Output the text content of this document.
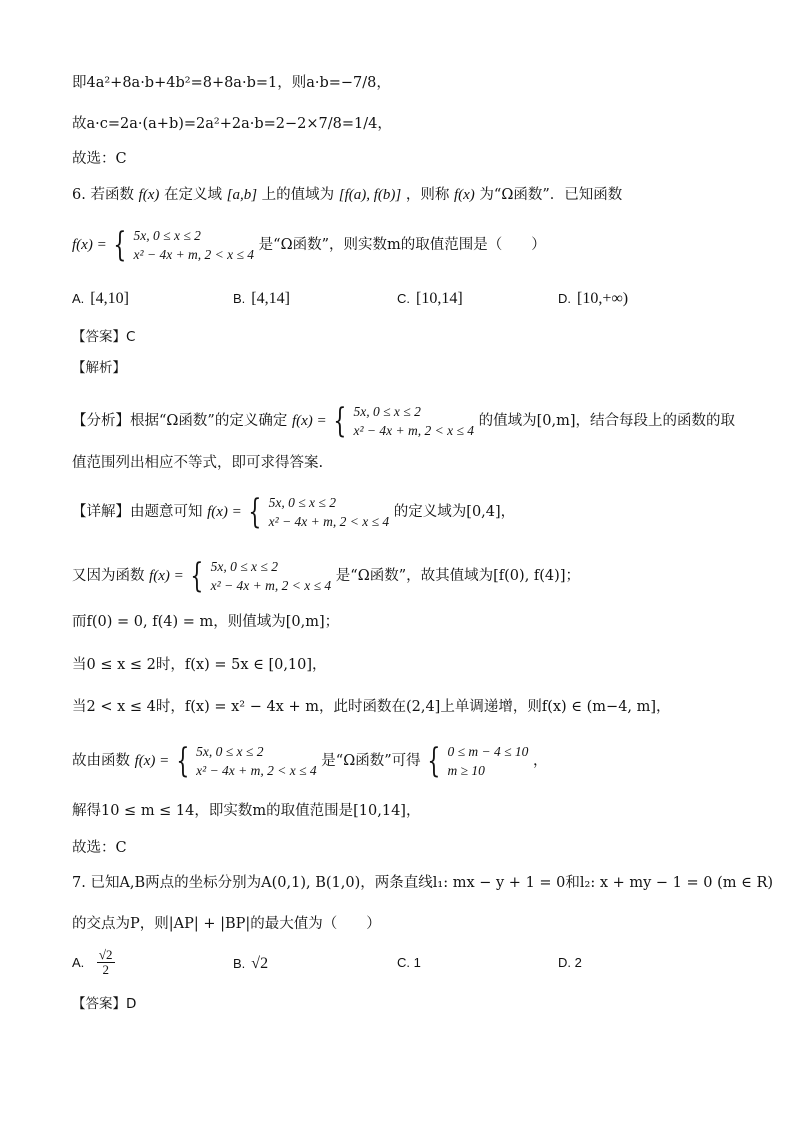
即4a²+8a·b+4b²=8+8a·b=1，则a·b=−7/8，
故a·c=2a·(a+b)=2a²+2a·b=2−2×7/8=1/4，
故选：C
6. 若函数 f(x) 在定义域 [a,b] 上的值域为 [f(a), f(b)] ，则称 f(x) 为“Ω函数”．已知函数
f(x) = { 5x, 0 ≤ x ≤ 2
x² − 4x + m, 2 < x ≤ 4
是“Ω函数”，则实数m的取值范围是（　　）
A. [4,10]	B. [4,14]	C. [10,14]	D. [10,+∞)
【答案】C
【解析】
【分析】根据“Ω函数”的定义确定 f(x) = { 5x, 0 ≤ x ≤ 2
x² − 4x + m, 2 < x ≤ 4
的值域为[0,m]，结合每段上的函数的取
值范围列出相应不等式，即可求得答案.
【详解】由题意可知 f(x) = { 5x, 0 ≤ x ≤ 2
x² − 4x + m, 2 < x ≤ 4
的定义域为[0,4]，
又因为函数 f(x) = { 5x, 0 ≤ x ≤ 2
x² − 4x + m, 2 < x ≤ 4
是“Ω函数”，故其值域为[f(0), f(4)]；
而f(0) = 0, f(4) = m，则值域为[0,m]；
当0 ≤ x ≤ 2时，f(x) = 5x ∈ [0,10]，
当2 < x ≤ 4时，f(x) = x² − 4x + m，此时函数在(2,4]上单调递增，则f(x) ∈ (m−4, m]，
故由函数 f(x) = { 5x, 0 ≤ x ≤ 2
x² − 4x + m, 2 < x ≤ 4
是“Ω函数”可得 { 0 ≤ m − 4 ≤ 10
m ≥ 10
，
解得10 ≤ m ≤ 14，即实数m的取值范围是[10,14]，
故选：C
7. 已知A,B两点的坐标分别为A(0,1), B(1,0)，两条直线l₁: mx − y + 1 = 0和l₂: x + my − 1 = 0 (m ∈ R)
的交点为P，则|AP| + |BP|的最大值为（　　）
A. $\frac{√2}{2}$	B. √2	C. 1	D. 2
【答案】D
